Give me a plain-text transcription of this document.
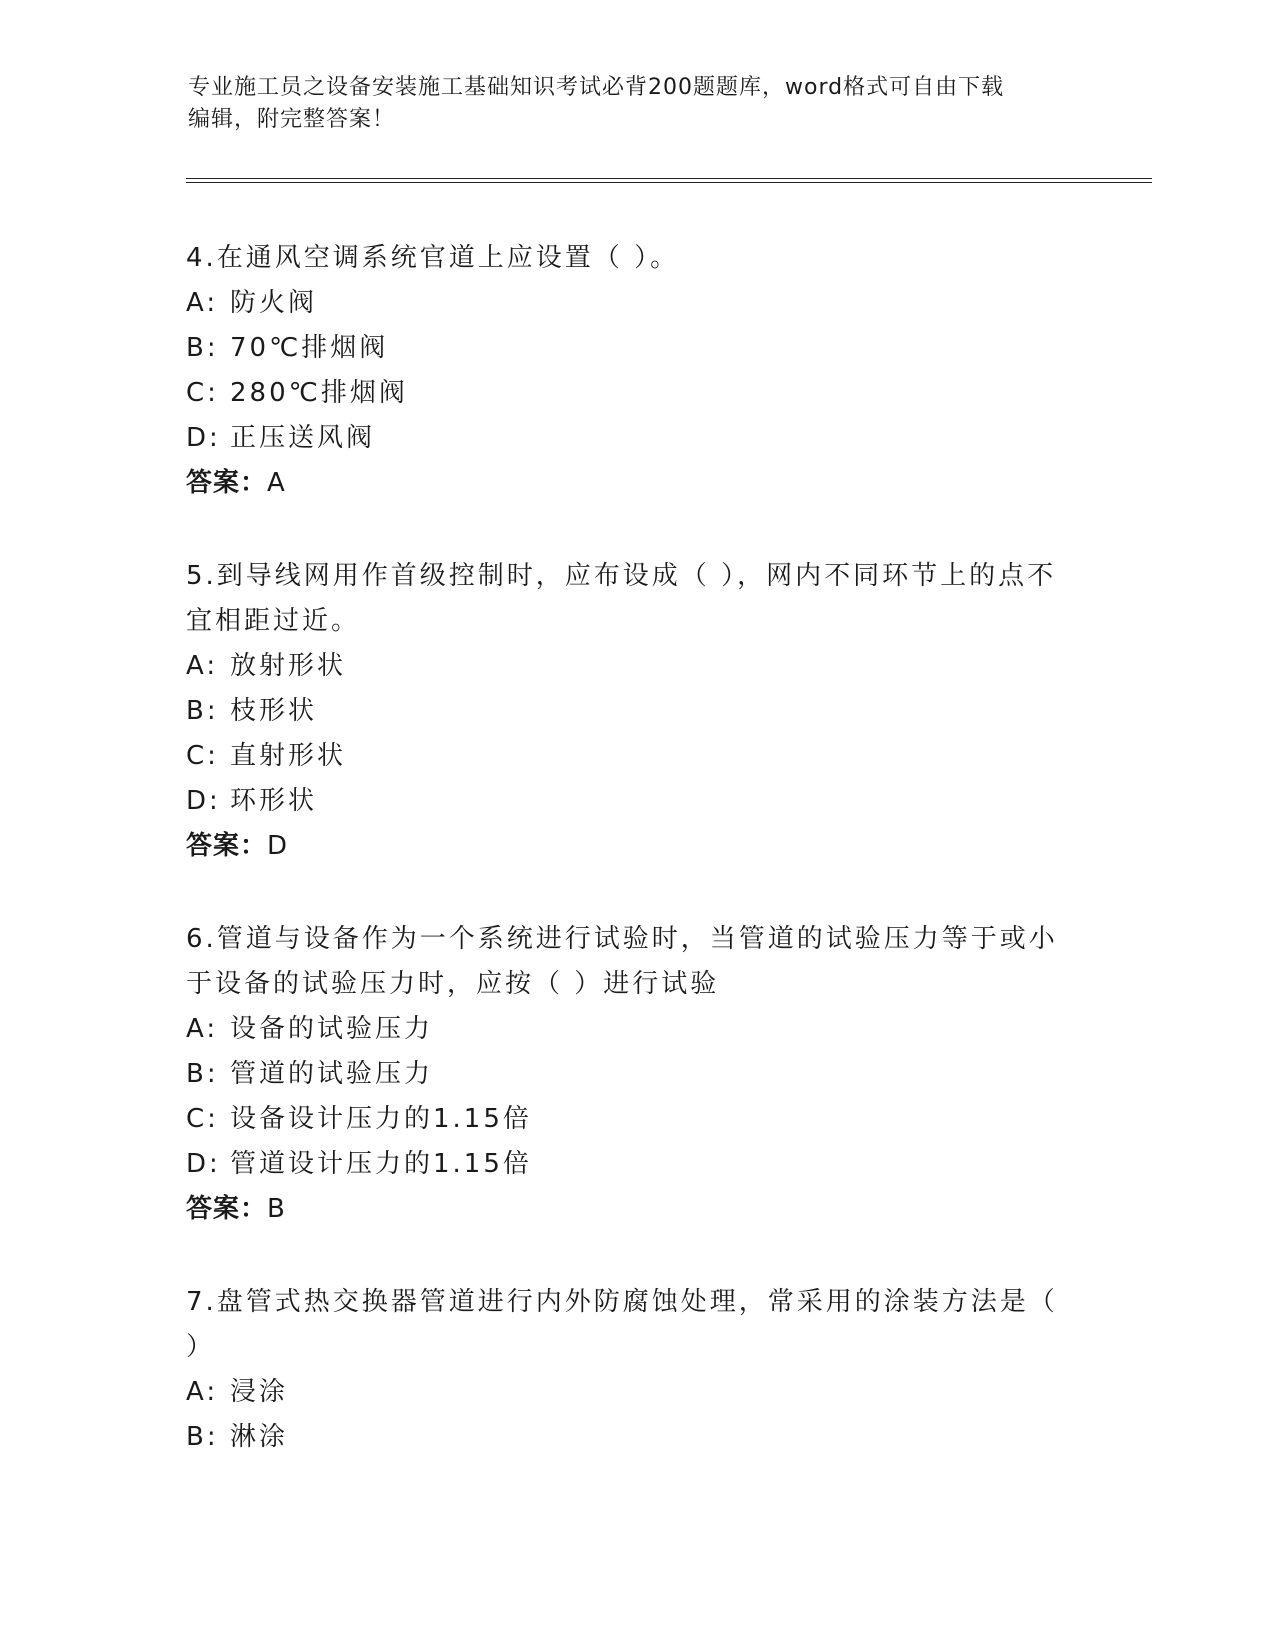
专业施工员之设备安装施工基础知识考试必背200题题库，word格式可自由下载
编辑，附完整答案！
4.在通风空调系统官道上应设置（ ）。
A: 防火阀
B: 70℃排烟阀
C: 280℃排烟阀
D: 正压送风阀
答案： A
5.到导线网用作首级控制时，应布设成（ ），网内不同环节上的点不
宜相距过近。
A: 放射形状
B: 枝形状
C: 直射形状
D: 环形状
答案： D
6.管道与设备作为一个系统进行试验时，当管道的试验压力等于或小
于设备的试验压力时，应按（ ）进行试验
A: 设备的试验压力
B: 管道的试验压力
C: 设备设计压力的1.15倍
D: 管道设计压力的1.15倍
答案： B
7.盘管式热交换器管道进行内外防腐蚀处理，常采用的涂装方法是（
）
A: 浸涂
B: 淋涂
